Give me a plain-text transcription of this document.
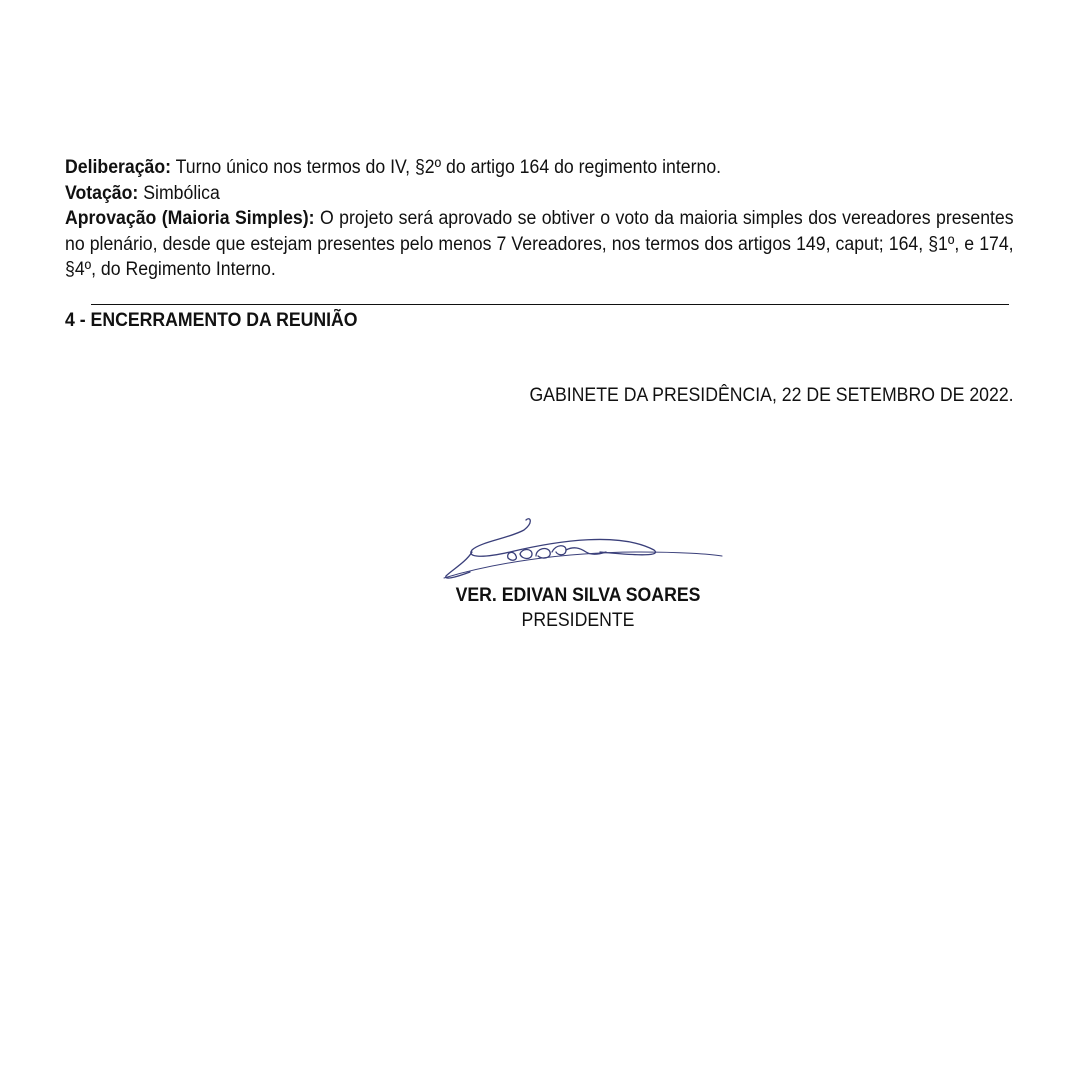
Deliberação: Turno único nos termos do IV, §2º do artigo 164 do regimento interno.

Votação: Simbólica

Aprovação (Maioria Simples): O projeto será aprovado se obtiver o voto da maioria simples dos vereadores presentes no plenário, desde que estejam presentes pelo menos 7 Vereadores, nos termos dos artigos 149, caput; 164, §1º, e 174, §4º, do Regimento Interno.

4 - ENCERRAMENTO DA REUNIÃO
GABINETE DA PRESIDÊNCIA, 22 DE SETEMBRO DE 2022.
VER. EDIVAN SILVA SOARES
PRESIDENTE
